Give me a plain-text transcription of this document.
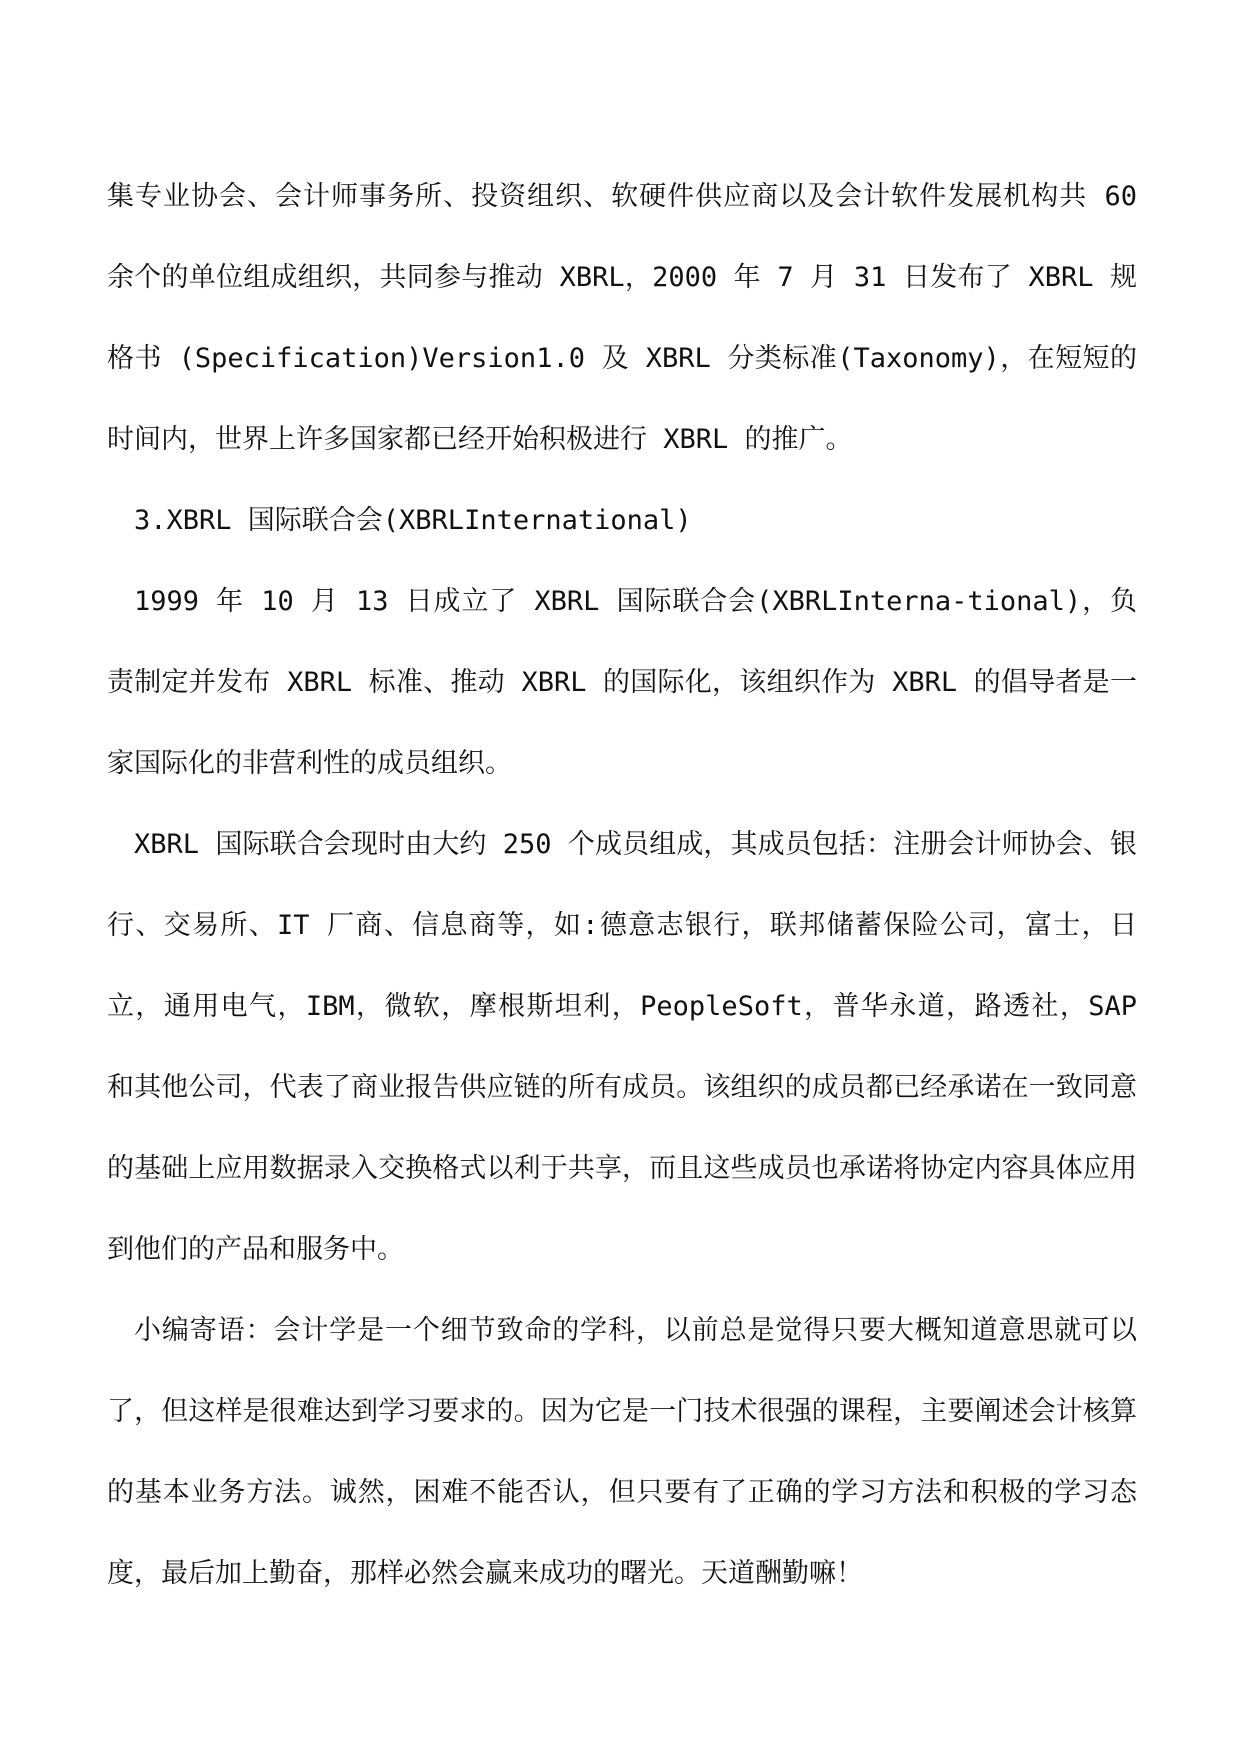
集专业协会、会计师事务所、投资组织、软硬件供应商以及会计软件发展机构共 60 余个的单位组成组织，共同参与推动 XBRL，2000 年 7 月 31 日发布了 XBRL 规格书 (Specification)Version1.0 及 XBRL 分类标准(Taxonomy)，在短短的时间内，世界上许多国家都已经开始积极进行 XBRL 的推广。

3.XBRL 国际联合会(XBRLInternational)

1999 年 10 月 13 日成立了 XBRL 国际联合会(XBRLInterna-tional)，负责制定并发布 XBRL 标准、推动 XBRL 的国际化，该组织作为 XBRL 的倡导者是一家国际化的非营利性的成员组织。

XBRL 国际联合会现时由大约 250 个成员组成，其成员包括：注册会计师协会、银行、交易所、IT 厂商、信息商等，如:德意志银行，联邦储蓄保险公司，富士，日立，通用电气，IBM，微软，摩根斯坦利，PeopleSoft，普华永道，路透社，SAP 和其他公司，代表了商业报告供应链的所有成员。该组织的成员都已经承诺在一致同意的基础上应用数据录入交换格式以利于共享，而且这些成员也承诺将协定内容具体应用到他们的产品和服务中。

小编寄语：会计学是一个细节致命的学科，以前总是觉得只要大概知道意思就可以了，但这样是很难达到学习要求的。因为它是一门技术很强的课程，主要阐述会计核算的基本业务方法。诚然，困难不能否认，但只要有了正确的学习方法和积极的学习态度，最后加上勤奋，那样必然会赢来成功的曙光。天道酬勤嘛！
